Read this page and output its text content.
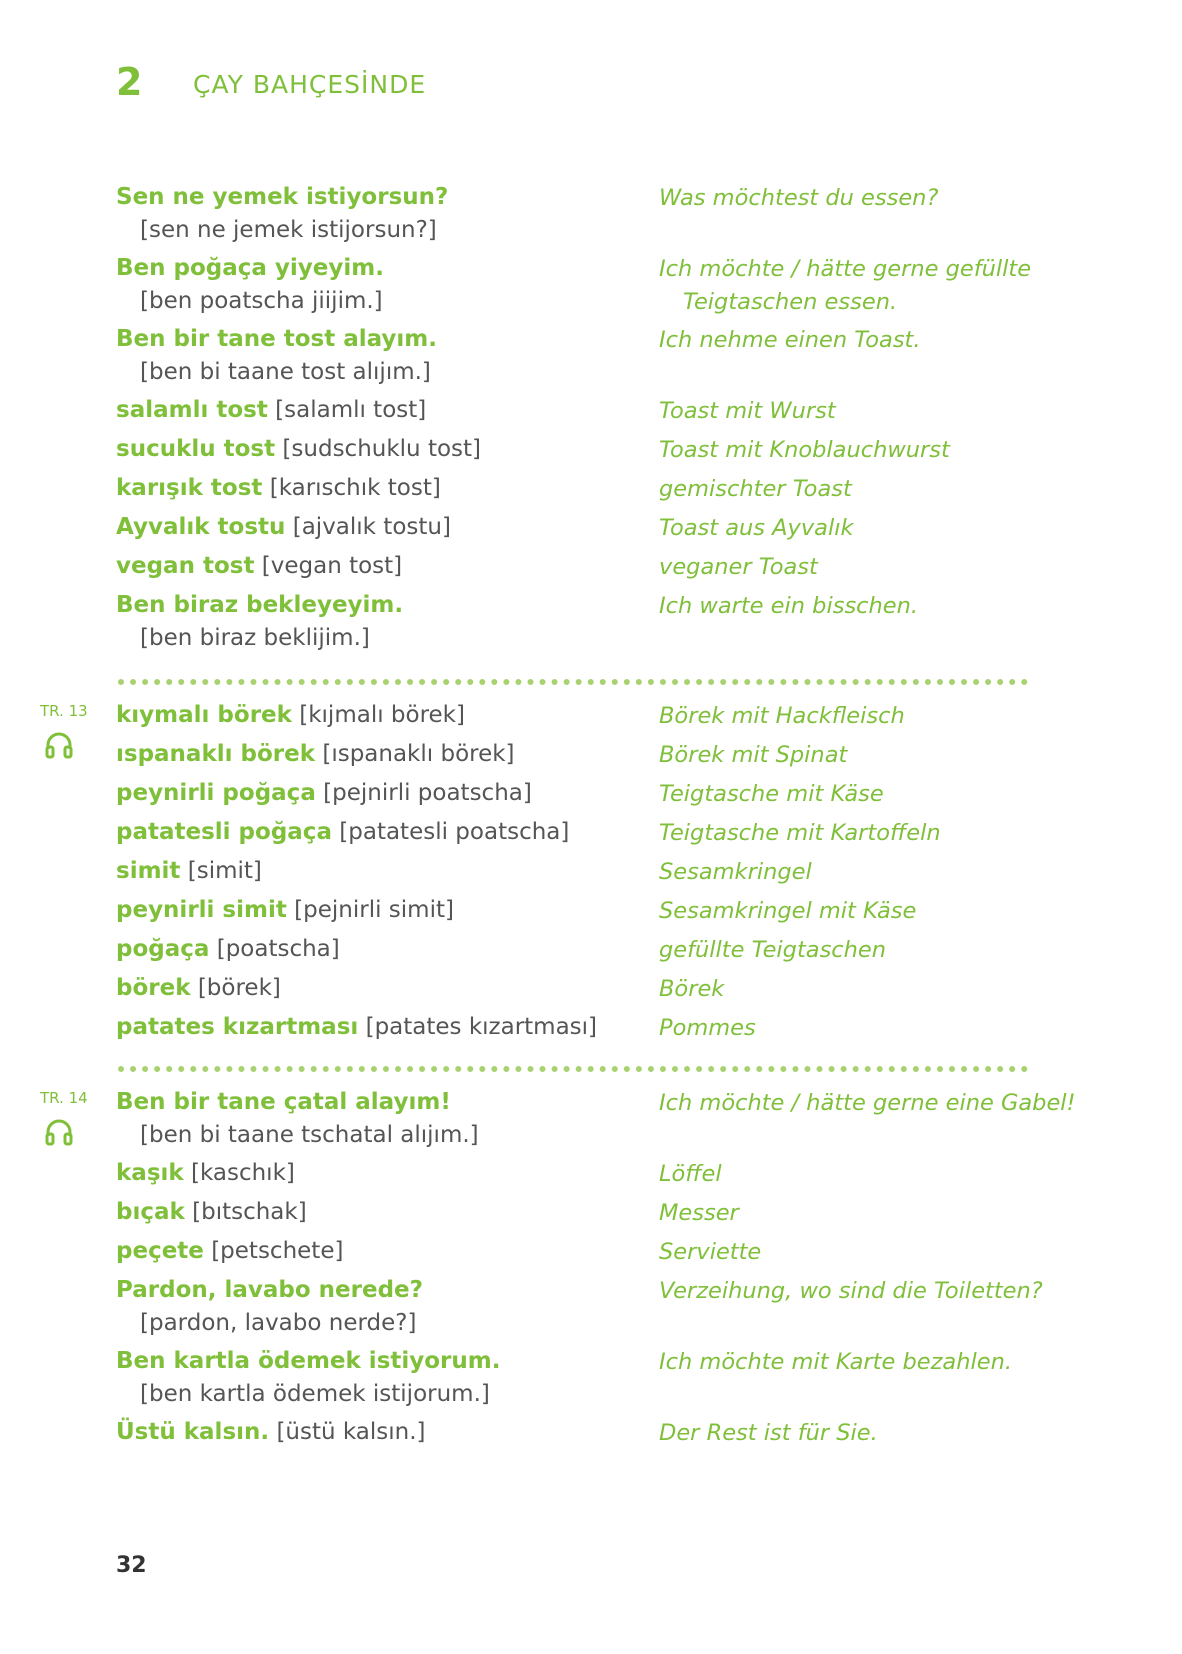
2 ÇAY BAHÇESİNDE
Sen ne yemek istiyorsun?	Was möchtest du essen?
[sen ne jemek istijorsun?]
Ben poğaça yiyeyim.	Ich möchte / hätte gerne gefüllte
Teigtaschen essen.
[ben poatscha jiijim.]
Ben bir tane tost alayım.	Ich nehme einen Toast.
[ben bi taane tost alıjım.]
salamlı tost [salamlı tost]	Toast mit Wurst
sucuklu tost [sudschuklu tost]	Toast mit Knoblauchwurst
karışık tost [karıschık tost]	gemischter Toast
Ayvalık tostu [ajvalık tostu]	Toast aus Ayvalık
vegan tost [vegan tost]	veganer Toast
Ben biraz bekleyeyim.	Ich warte ein bisschen.
[ben biraz beklijim.]
TR. 13 kıymalı börek [kıjmalı börek]	Börek mit Hackfleisch
ıspanaklı börek [ıspanaklı börek]	Börek mit Spinat
peynirli poğaça [pejnirli poatscha]	Teigtasche mit Käse
patatesli poğaça [patatesli poatscha]	Teigtasche mit Kartoffeln
simit [simit]	Sesamkringel
peynirli simit [pejnirli simit]	Sesamkringel mit Käse
poğaça [poatscha]	gefüllte Teigtaschen
börek [börek]	Börek
patates kızartması [patates kızartması]	Pommes
TR. 14 Ben bir tane çatal alayım!	Ich möchte / hätte gerne eine Gabel!
[ben bi taane tschatal alıjım.]
kaşık [kaschık]	Löffel
bıçak [bıtschak]	Messer
peçete [petschete]	Serviette
Pardon, lavabo nerede?	Verzeihung, wo sind die Toiletten?
[pardon, lavabo nerde?]
Ben kartla ödemek istiyorum.	Ich möchte mit Karte bezahlen.
[ben kartla ödemek istijorum.]
Üstü kalsın. [üstü kalsın.]	Der Rest ist für Sie.
32
